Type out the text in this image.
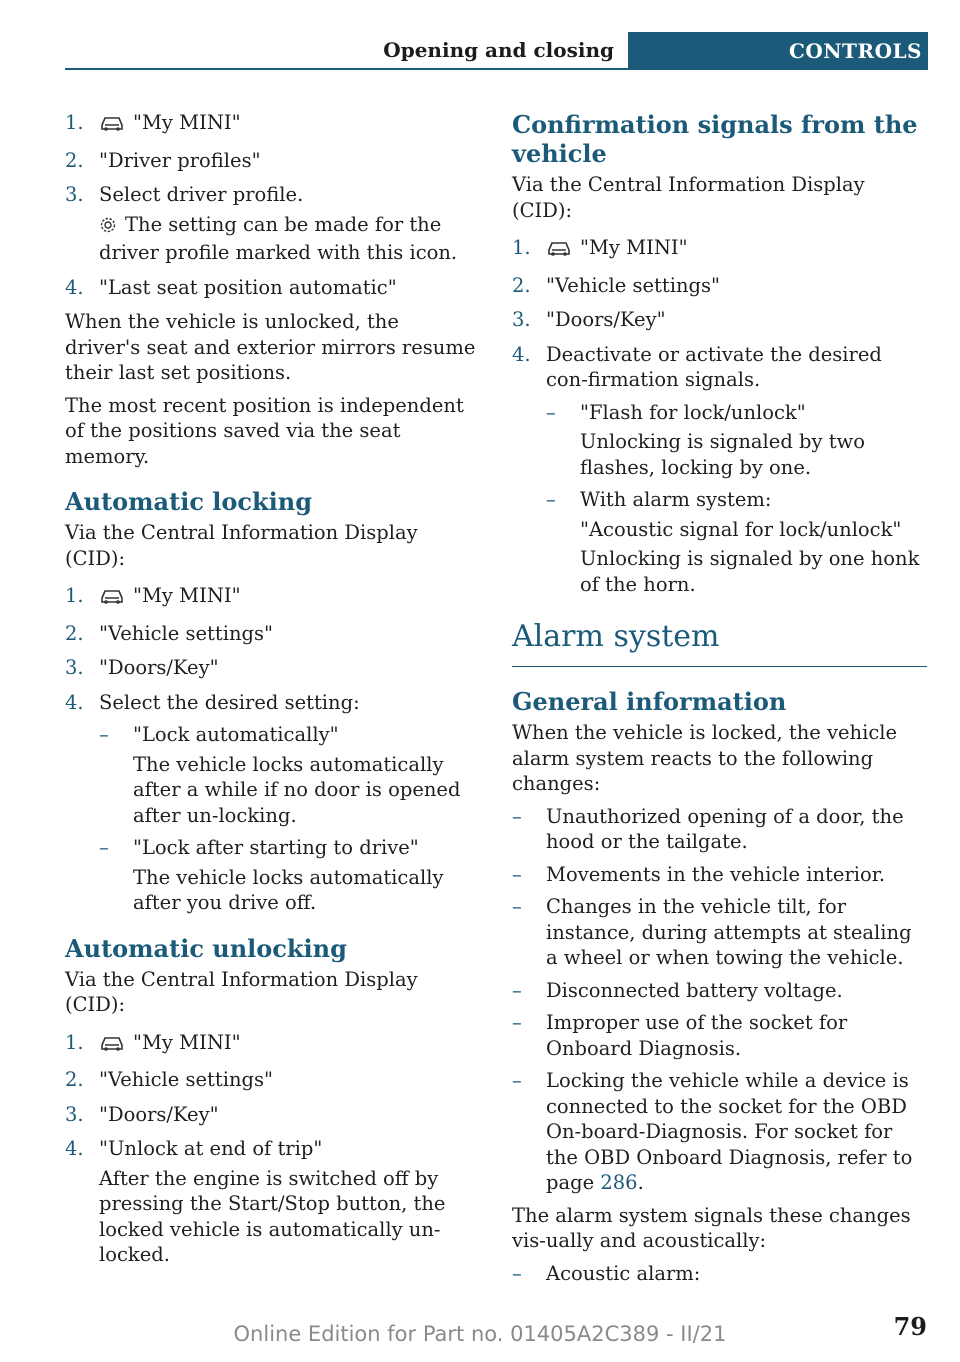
Opening and closing	CONTROLS
1.	"My MINI"
2. "Driver profiles"
3. Select driver profile.
The setting can be made for the driver profile marked with this icon.
4. "Last seat position automatic"

When the vehicle is unlocked, the driver's seat and exterior mirrors resume their last set positions.

The most recent position is independent of the positions saved via the seat memory.

Automatic locking

Via the Central Information Display (CID):

1.	"My MINI"
2. "Vehicle settings"
3. "Doors/Key"
4. Select the desired setting:
– "Lock automatically"
The vehicle locks automatically after a while if no door is opened after un-locking.
– "Lock after starting to drive"
The vehicle locks automatically after you drive off.
Automatic unlocking

Via the Central Information Display (CID):

1.	"My MINI"
2. "Vehicle settings"
3. "Doors/Key"
4. "Unlock at end of trip"
After the engine is switched off by pressing the Start/Stop button, the locked vehicle is automatically un-locked.
Confirmation signals from the vehicle

Via the Central Information Display (CID):

1.	"My MINI"
2. "Vehicle settings"
3. "Doors/Key"
4. Deactivate or activate the desired con-firmation signals.
– "Flash for lock/unlock"
Unlocking is signaled by two flashes, locking by one.
– With alarm system:
"Acoustic signal for lock/unlock"
Unlocking is signaled by one honk of the horn.
Alarm system
General information

When the vehicle is locked, the vehicle alarm system reacts to the following changes:

– Unauthorized opening of a door, the hood or the tailgate.
– Movements in the vehicle interior.
– Changes in the vehicle tilt, for instance, during attempts at stealing a wheel or when towing the vehicle.
– Disconnected battery voltage.
– Improper use of the socket for Onboard Diagnosis.
– Locking the vehicle while a device is connected to the socket for the OBD On-board-Diagnosis. For socket for the OBD Onboard Diagnosis, refer to page 286.

The alarm system signals these changes vis-ually and acoustically:

– Acoustic alarm:
Online Edition for Part no. 01405A2C389 - II/21	79
